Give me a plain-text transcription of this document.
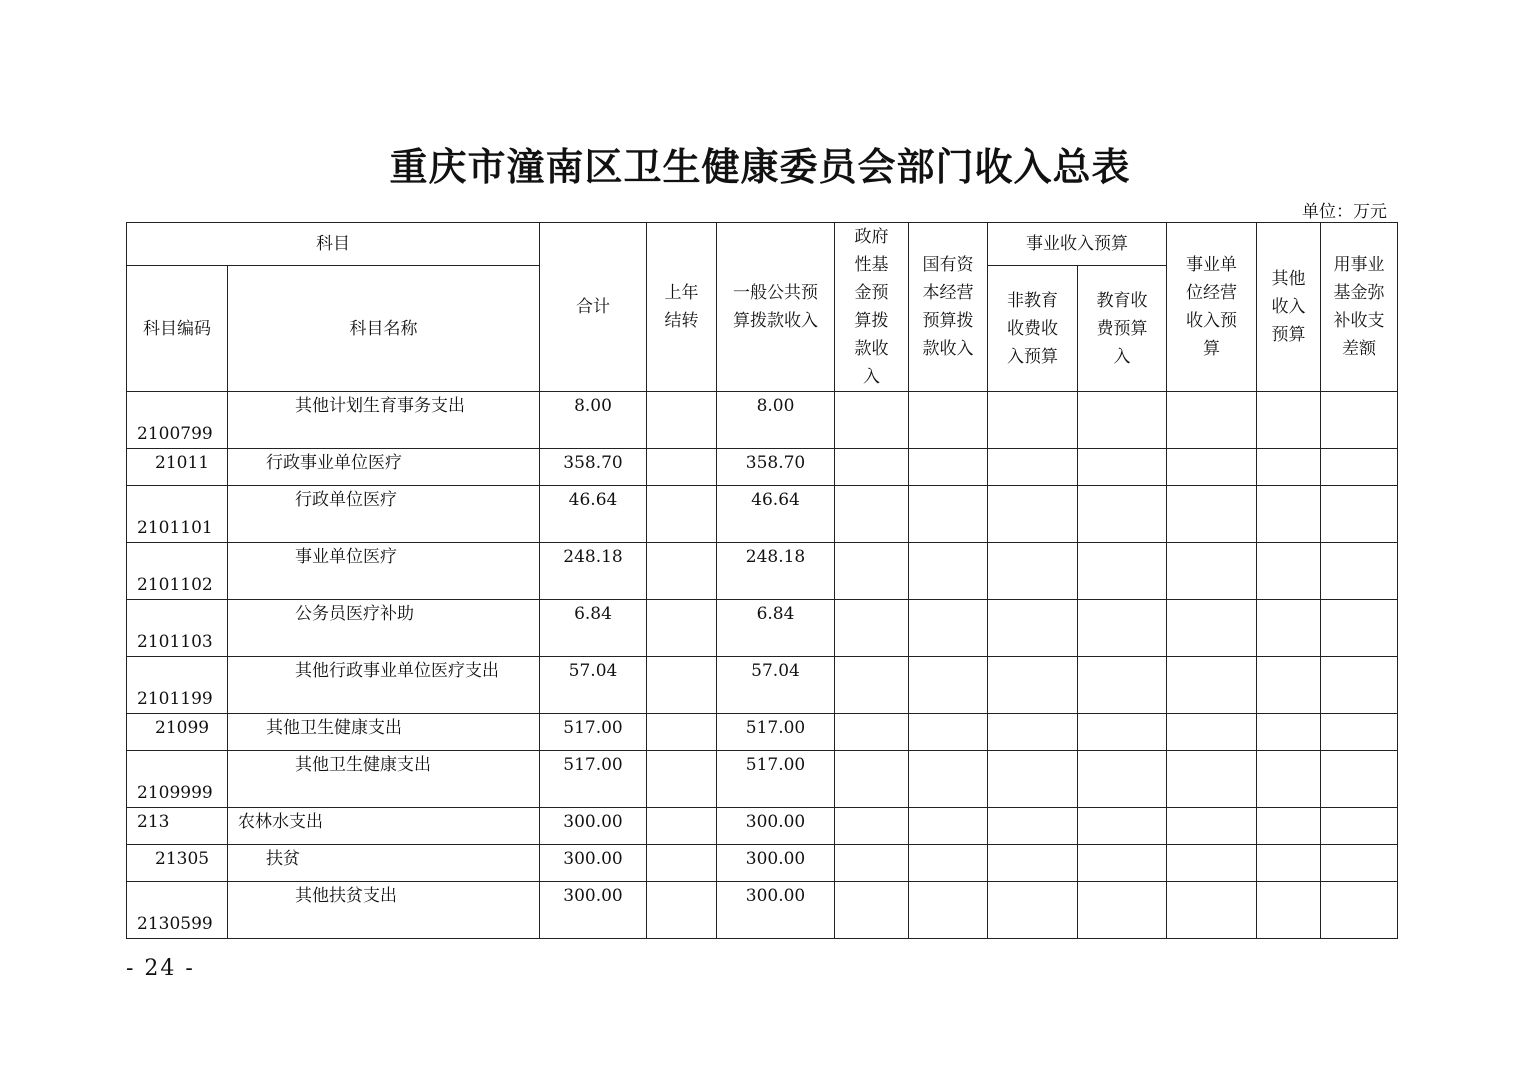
重庆市潼南区卫生健康委员会部门收入总表
单位：万元
科目		合计	上年结转	一般公共预算拨款收入	政府性基金预算拨款收入	国有资本经营预算拨款收入	事业收入预算		事业单位经营收入预算	其他收入预算	用事业基金弥补收支差额

科目编码	科目名称						非教育收费收入预算	教育收费预算入			

2100799	其他计划生育事务支出	8.00		8.00							
21011	行政事业单位医疗	358.70		358.70							
2101101	行政单位医疗	46.64		46.64							
2101102	事业单位医疗	248.18		248.18							
2101103	公务员医疗补助	6.84		6.84							
2101199	其他行政事业单位医疗支出	57.04		57.04							
21099	其他卫生健康支出	517.00		517.00							
2109999	其他卫生健康支出	517.00		517.00							
213	农林水支出	300.00		300.00							
21305	扶贫	300.00		300.00							
2130599	其他扶贫支出	300.00		300.00							
- 24 -
